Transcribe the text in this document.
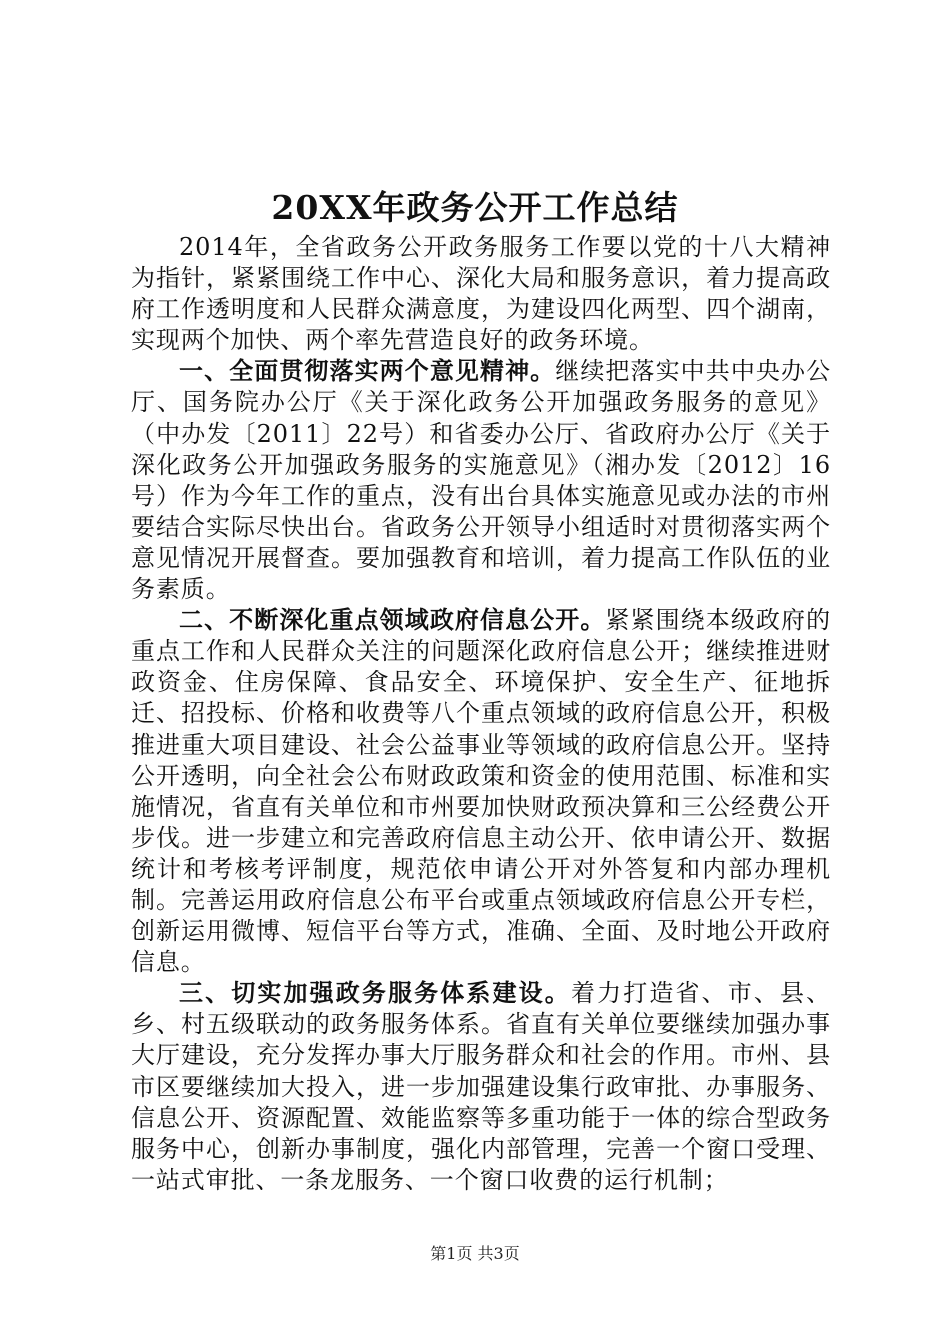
20XX年政务公开工作总结

2014年，全省政务公开政务服务工作要以党的十八大精神为指针，紧紧围绕工作中心、深化大局和服务意识，着力提高政府工作透明度和人民群众满意度，为建设四化两型、四个湖南，实现两个加快、两个率先营造良好的政务环境。

一、全面贯彻落实两个意见精神。继续把落实中共中央办公厅、国务院办公厅《关于深化政务公开加强政务服务的意见》（中办发〔2011〕22号）和省委办公厅、省政府办公厅《关于深化政务公开加强政务服务的实施意见》（湘办发〔2012〕16号）作为今年工作的重点，没有出台具体实施意见或办法的市州要结合实际尽快出台。省政务公开领导小组适时对贯彻落实两个意见情况开展督查。要加强教育和培训，着力提高工作队伍的业务素质。

二、不断深化重点领域政府信息公开。紧紧围绕本级政府的重点工作和人民群众关注的问题深化政府信息公开；继续推进财政资金、住房保障、食品安全、环境保护、安全生产、征地拆迁、招投标、价格和收费等八个重点领域的政府信息公开，积极推进重大项目建设、社会公益事业等领域的政府信息公开。坚持公开透明，向全社会公布财政政策和资金的使用范围、标准和实施情况，省直有关单位和市州要加快财政预决算和三公经费公开步伐。进一步建立和完善政府信息主动公开、依申请公开、数据统计和考核考评制度，规范依申请公开对外答复和内部办理机制。完善运用政府信息公布平台或重点领域政府信息公开专栏，创新运用微博、短信平台等方式，准确、全面、及时地公开政府信息。

三、切实加强政务服务体系建设。着力打造省、市、县、乡、村五级联动的政务服务体系。省直有关单位要继续加强办事大厅建设，充分发挥办事大厅服务群众和社会的作用。市州、县市区要继续加大投入，进一步加强建设集行政审批、办事服务、信息公开、资源配置、效能监察等多重功能于一体的综合型政务服务中心，创新办事制度，强化内部管理，完善一个窗口受理、一站式审批、一条龙服务、一个窗口收费的运行机制；

第1页 共3页
